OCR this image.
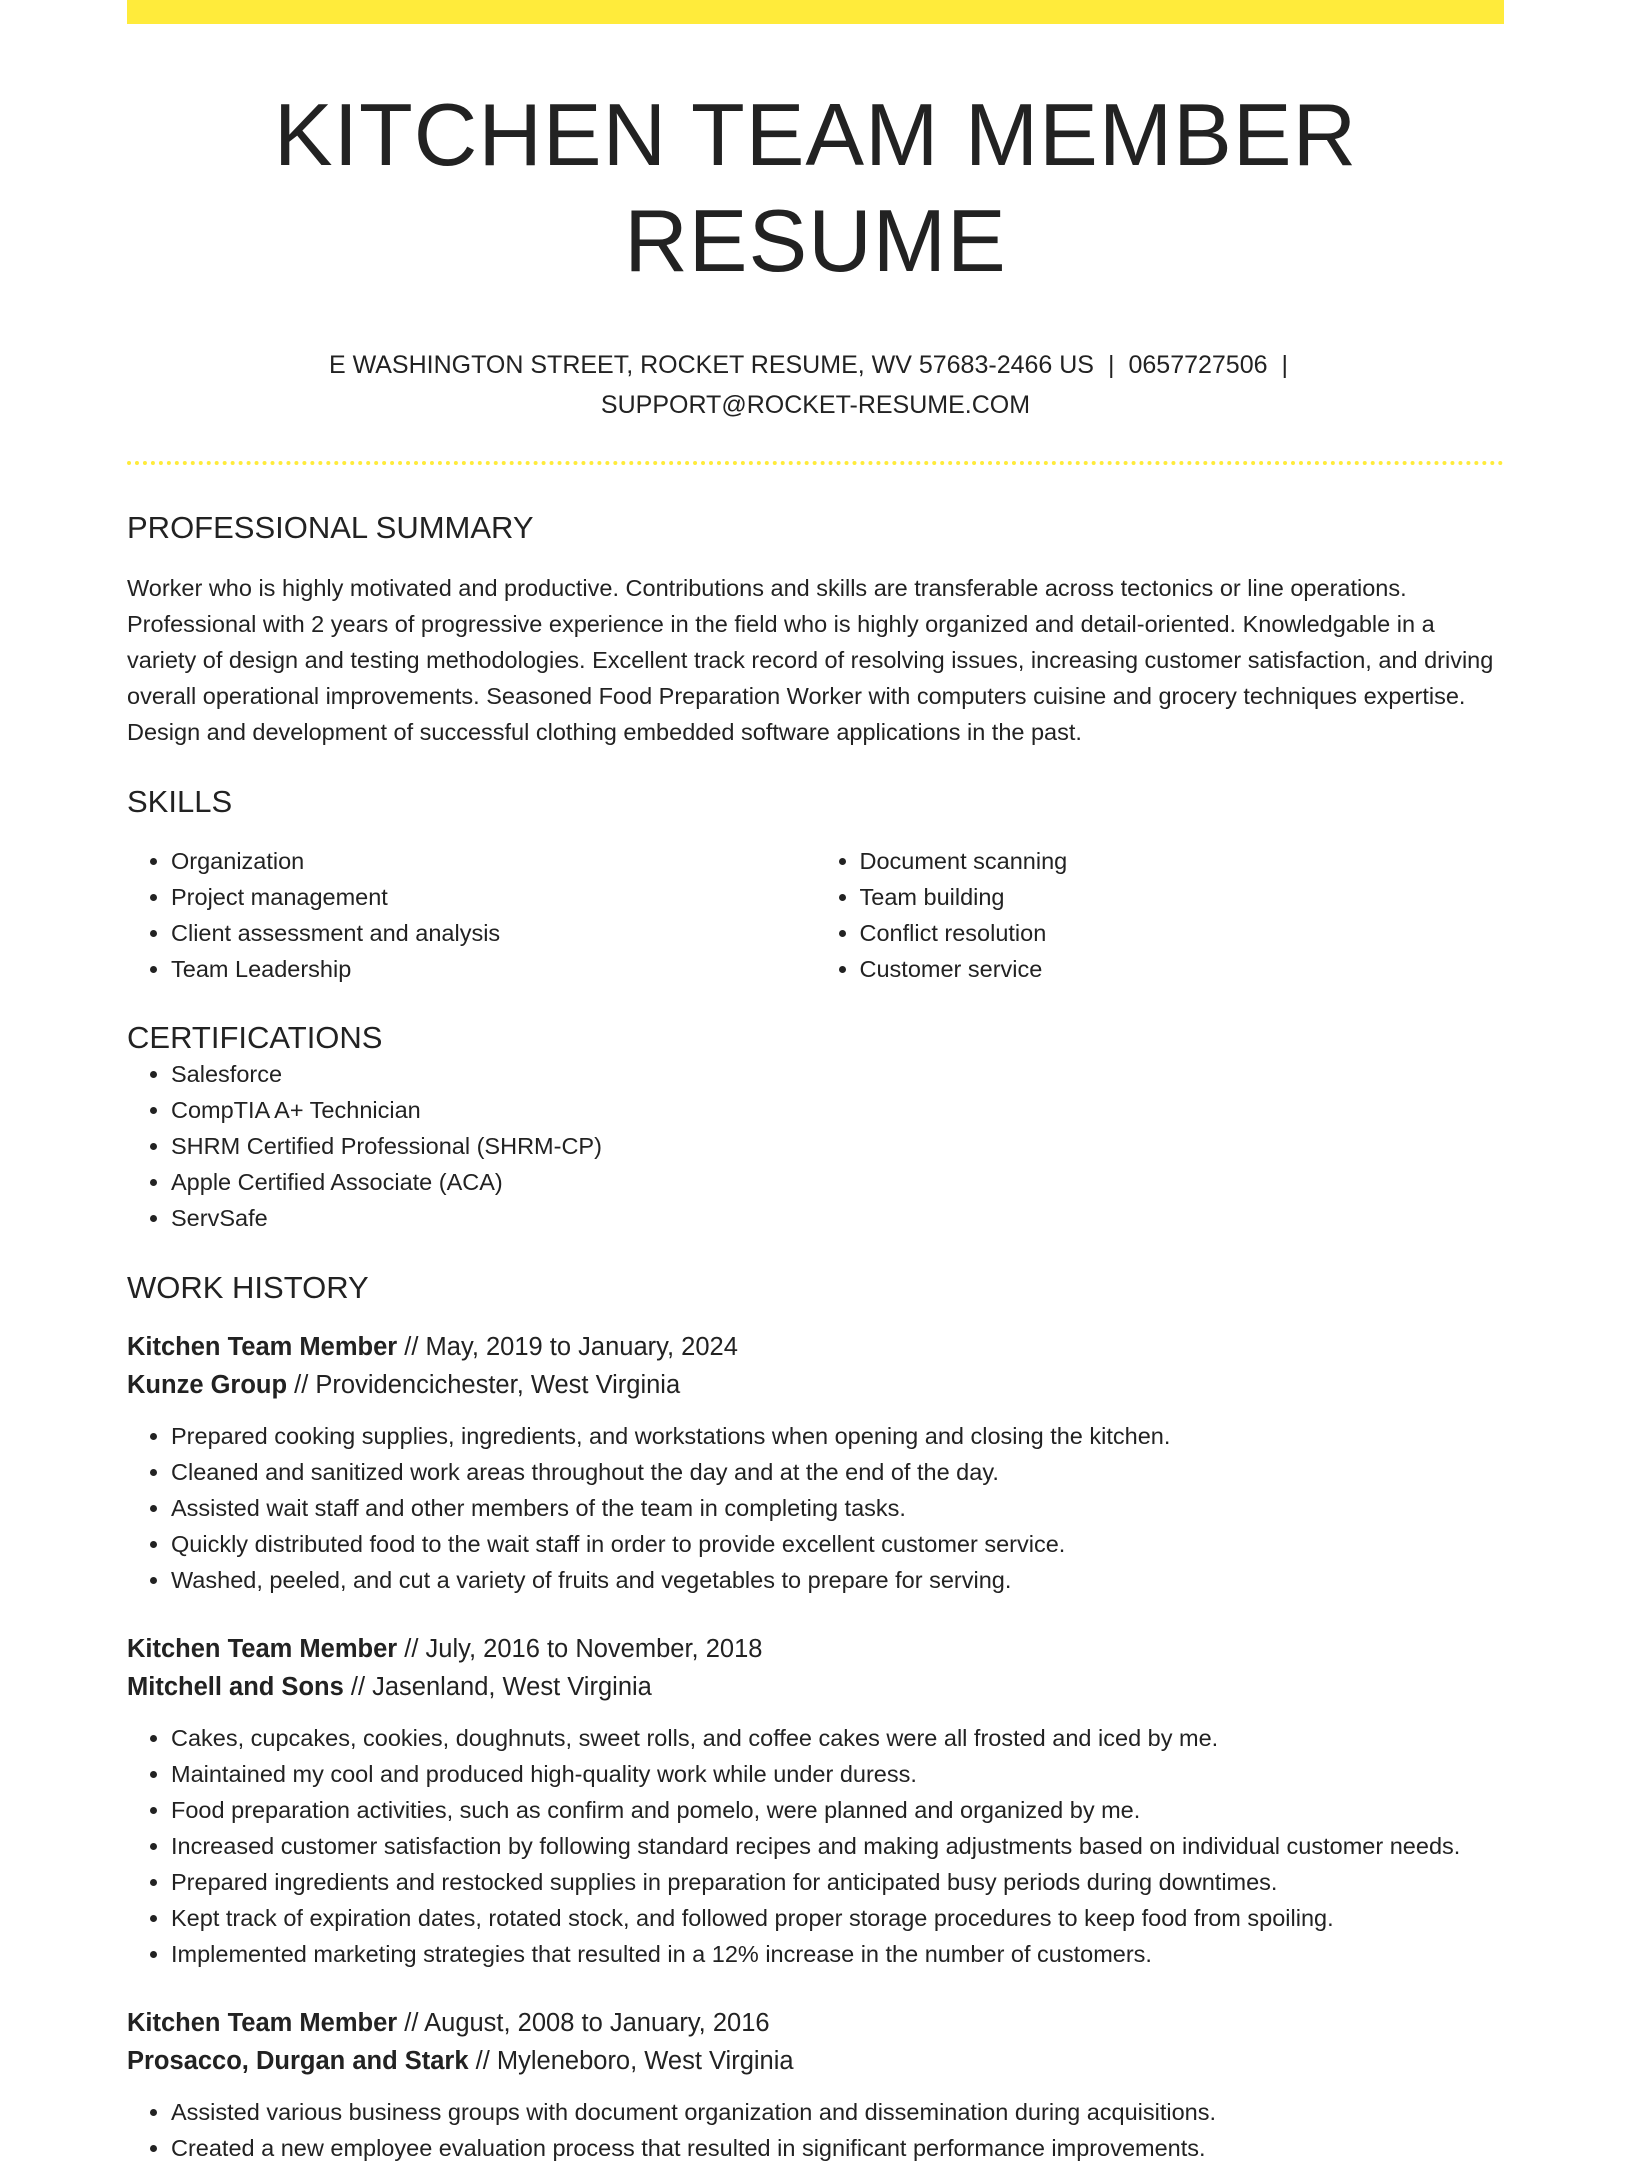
KITCHEN TEAM MEMBER RESUME
E WASHINGTON STREET, ROCKET RESUME, WV 57683-2466 US | 0657727506 |
SUPPORT@ROCKET-RESUME.COM
PROFESSIONAL SUMMARY

Worker who is highly motivated and productive. Contributions and skills are transferable across tectonics or line operations. Professional with 2 years of progressive experience in the field who is highly organized and detail-oriented. Knowledgable in a variety of design and testing methodologies. Excellent track record of resolving issues, increasing customer satisfaction, and driving overall operational improvements. Seasoned Food Preparation Worker with computers cuisine and grocery techniques expertise. Design and development of successful clothing embedded software applications in the past.

SKILLS
• Organization
• Project management
• Client assessment and analysis
• Team Leadership
• Document scanning
• Team building
• Conflict resolution
• Customer service
CERTIFICATIONS
• Salesforce
• CompTIA A+ Technician
• SHRM Certified Professional (SHRM-CP)
• Apple Certified Associate (ACA)
• ServSafe
WORK HISTORY
Kitchen Team Member // May, 2019 to January, 2024
Kunze Group // Providencichester, West Virginia
• Prepared cooking supplies, ingredients, and workstations when opening and closing the kitchen.
• Cleaned and sanitized work areas throughout the day and at the end of the day.
• Assisted wait staff and other members of the team in completing tasks.
• Quickly distributed food to the wait staff in order to provide excellent customer service.
• Washed, peeled, and cut a variety of fruits and vegetables to prepare for serving.
Kitchen Team Member // July, 2016 to November, 2018
Mitchell and Sons // Jasenland, West Virginia
• Cakes, cupcakes, cookies, doughnuts, sweet rolls, and coffee cakes were all frosted and iced by me.
• Maintained my cool and produced high-quality work while under duress.
• Food preparation activities, such as confirm and pomelo, were planned and organized by me.
• Increased customer satisfaction by following standard recipes and making adjustments based on individual customer needs.
• Prepared ingredients and restocked supplies in preparation for anticipated busy periods during downtimes.
• Kept track of expiration dates, rotated stock, and followed proper storage procedures to keep food from spoiling.
• Implemented marketing strategies that resulted in a 12% increase in the number of customers.
Kitchen Team Member // August, 2008 to January, 2016
Prosacco, Durgan and Stark // Myleneboro, West Virginia
• Assisted various business groups with document organization and dissemination during acquisitions.
• Created a new employee evaluation process that resulted in significant performance improvements.
